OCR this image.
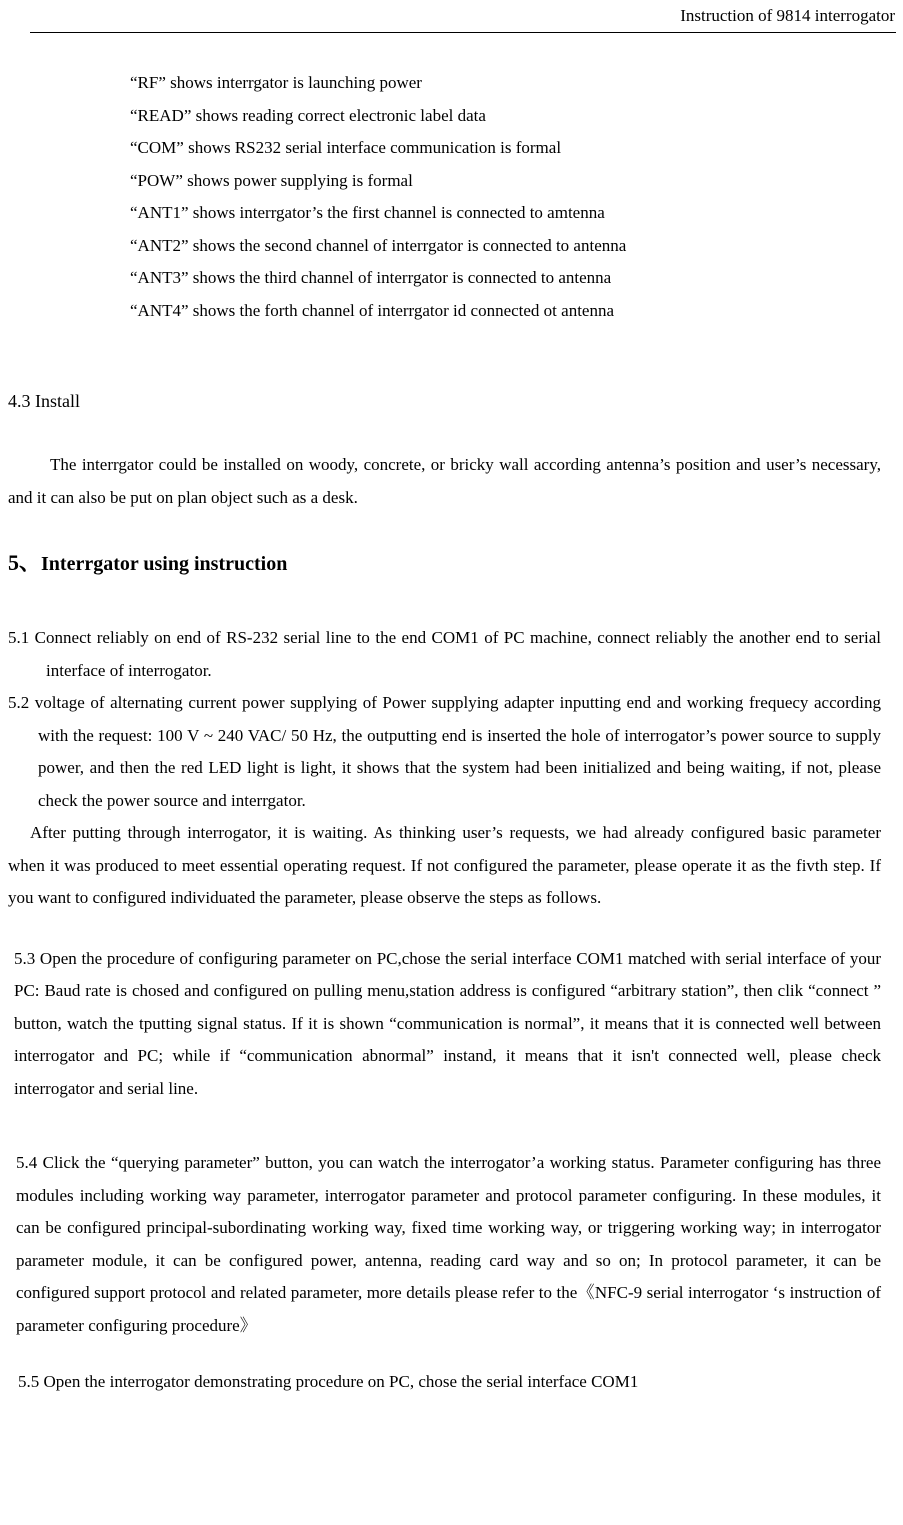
Instruction of 9814 interrogator
“RF” shows interrgator is launching power
“READ” shows reading correct electronic label data
“COM” shows RS232 serial interface communication is formal
“POW” shows power supplying is formal
“ANT1” shows interrgator’s the first channel is connected to amtenna
“ANT2” shows the second channel of interrgator is connected to antenna
“ANT3” shows the third channel of interrgator is connected to antenna
“ANT4” shows the forth channel of interrgator id connected ot antenna
4.3 Install

The interrgator could be installed on woody, concrete, or bricky wall according antenna’s position and user’s necessary, and it can also be put on plan object such as a desk.

5、Interrgator using instruction

5.1 Connect reliably on end of RS-232 serial line to the end COM1 of PC machine, connect reliably the another end to serial interface of interrogator.

5.2 voltage of alternating current power supplying of Power supplying adapter inputting end and working frequecy according with the request: 100 V ~ 240 VAC/ 50 Hz, the outputting end is inserted the hole of interrogator’s power source to supply power, and then the red LED light is light, it shows that the system had been initialized and being waiting, if not, please check the power source and interrgator.

After putting through interrogator, it is waiting. As thinking user’s requests, we had already configured basic parameter when it was produced to meet essential operating request. If not configured the parameter, please operate it as the fivth step. If you want to configured individuated the parameter, please observe the steps as follows.

5.3 Open the procedure of configuring parameter on PC,chose the serial interface COM1 matched with serial interface of your PC: Baud rate is chosed and configured on pulling menu,station address is configured “arbitrary station”, then clik “connect ” button, watch the tputting signal status. If it is shown “communication is normal”, it means that it is connected well between interrogator and PC; while if “communication abnormal” instand, it means that it isn't connected well, please check interrogator and serial line.

5.4 Click the “querying parameter” button, you can watch the interrogator’a working status. Parameter configuring has three modules including working way parameter, interrogator parameter and protocol parameter configuring. In these modules, it can be configured principal-subordinating working way, fixed time working way, or triggering working way; in interrogator parameter module, it can be configured power, antenna, reading card way and so on; In protocol parameter, it can be configured support protocol and related parameter, more details please refer to the《NFC-9 serial interrogator ‘s instruction of parameter configuring procedure》

5.5 Open the interrogator demonstrating procedure on PC, chose the serial interface COM1
